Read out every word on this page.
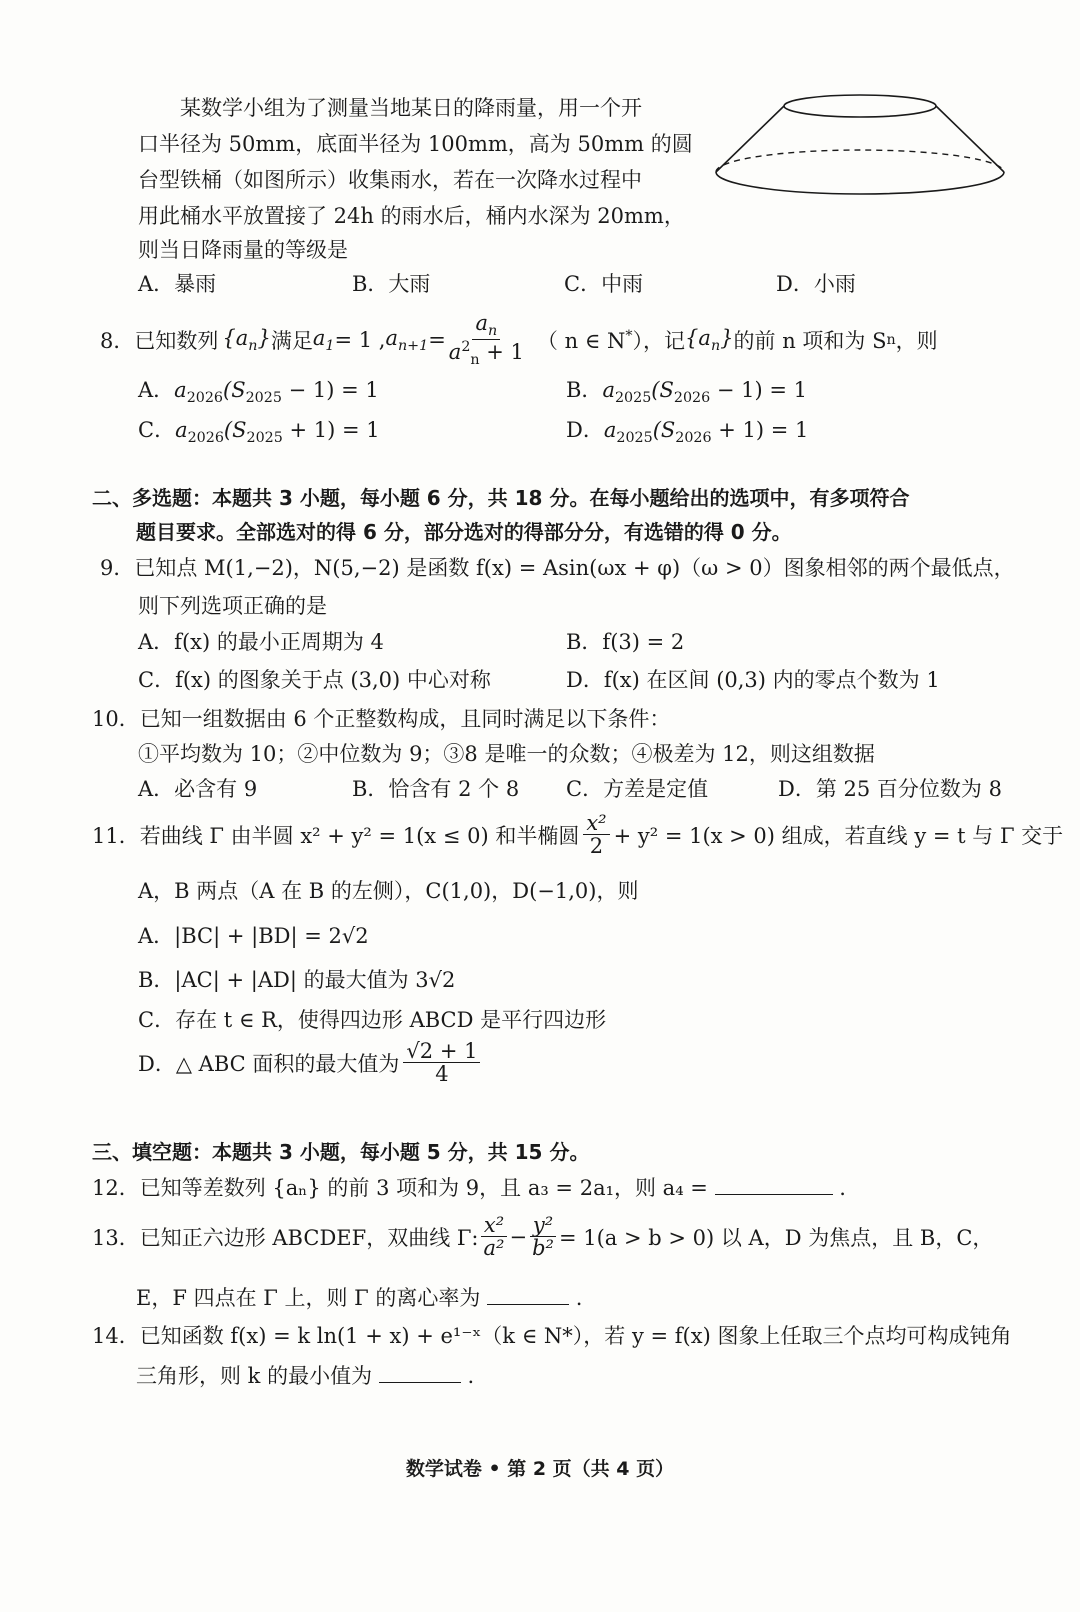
某数学小组为了测量当地某日的降雨量，用一个开
口半径为 50mm，底面半径为 100mm，高为 50mm 的圆
台型铁桶（如图所示）收集雨水，若在一次降水过程中
用此桶水平放置接了 24h 的雨水后，桶内水深为 20mm，
则当日降雨量的等级是
A．暴雨	B．大雨	C．中雨	D．小雨
8． 已知数列 $\{a_n\}$ 满足 $a_1 = 1$ , $a_{n+1} = \frac{a_n}{a^2_n + 1}$ （ n ∈ N*），记 $\{a_n\}$ 的前 n 项和为 S n ，则
A．$a_{2026}(S_{2025} - 1) = 1$	B．$a_{2025}(S_{2026} - 1) = 1$
C．$a_{2026}(S_{2025} + 1) = 1$	D．$a_{2025}(S_{2026} + 1) = 1$
二、多选题：本题共 3 小题，每小题 6 分，共 18 分。在每小题给出的选项中，有多项符合
题目要求。全部选对的得 6 分，部分选对的得部分分，有选错的得 0 分。
9．已知点 M(1,−2)，N(5,−2) 是函数 f(x) = Asin(ωx + φ)（ω > 0）图象相邻的两个最低点，
则下列选项正确的是
A．f(x) 的最小正周期为 4	B．f(3) = 2
C．f(x) 的图象关于点 (3,0) 中心对称	D．f(x) 在区间 (0,3) 内的零点个数为 1
10．已知一组数据由 6 个正整数构成，且同时满足以下条件：
①平均数为 10；②中位数为 9；③8 是唯一的众数；④极差为 12，则这组数据
A．必含有 9	B．恰含有 2 个 8 C．方差是定值	D．第 25 百分位数为 8
11．若曲线 Γ 由半圆 x² + y² = 1(x ≤ 0) 和半椭圆 $\frac{\text{x²}}{2} + y^2 = 1(x > 0)$ 组成，若直线 y = t 与 Γ 交于
A，B 两点（A 在 B 的左侧），C(1,0)，D(−1,0)，则
A．|BC| + |BD| = 2√2
B．|AC| + |AD| 的最大值为 3√2
C．存在 t ∈ R，使得四边形 ABCD 是平行四边形
D．△ ABC 面积的最大值为 $\frac{√2 + 1}{4}$
三、填空题：本题共 3 小题，每小题 5 分，共 15 分。
12．已知等差数列 {aₙ} 的前 3 项和为 9，且 a₃ = 2a₁，则 a₄ =	.
13．已知正六边形 ABCDEF，双曲线 Γ: $\frac{\text{x²}}{\text{a²}} - \frac{\text{y²}}{\text{b²}} = 1(a > b > 0)$ 以 A，D 为焦点，且 B，C，
E，F 四点在 Γ 上，则 Γ 的离心率为	.
14．已知函数 f(x) = k ln(1 + x) + e¹⁻ˣ（k ∈ N*），若 y = f(x) 图象上任取三个点均可构成钝角
三角形，则 k 的最小值为	.
数学试卷 • 第 2 页（共 4 页）
